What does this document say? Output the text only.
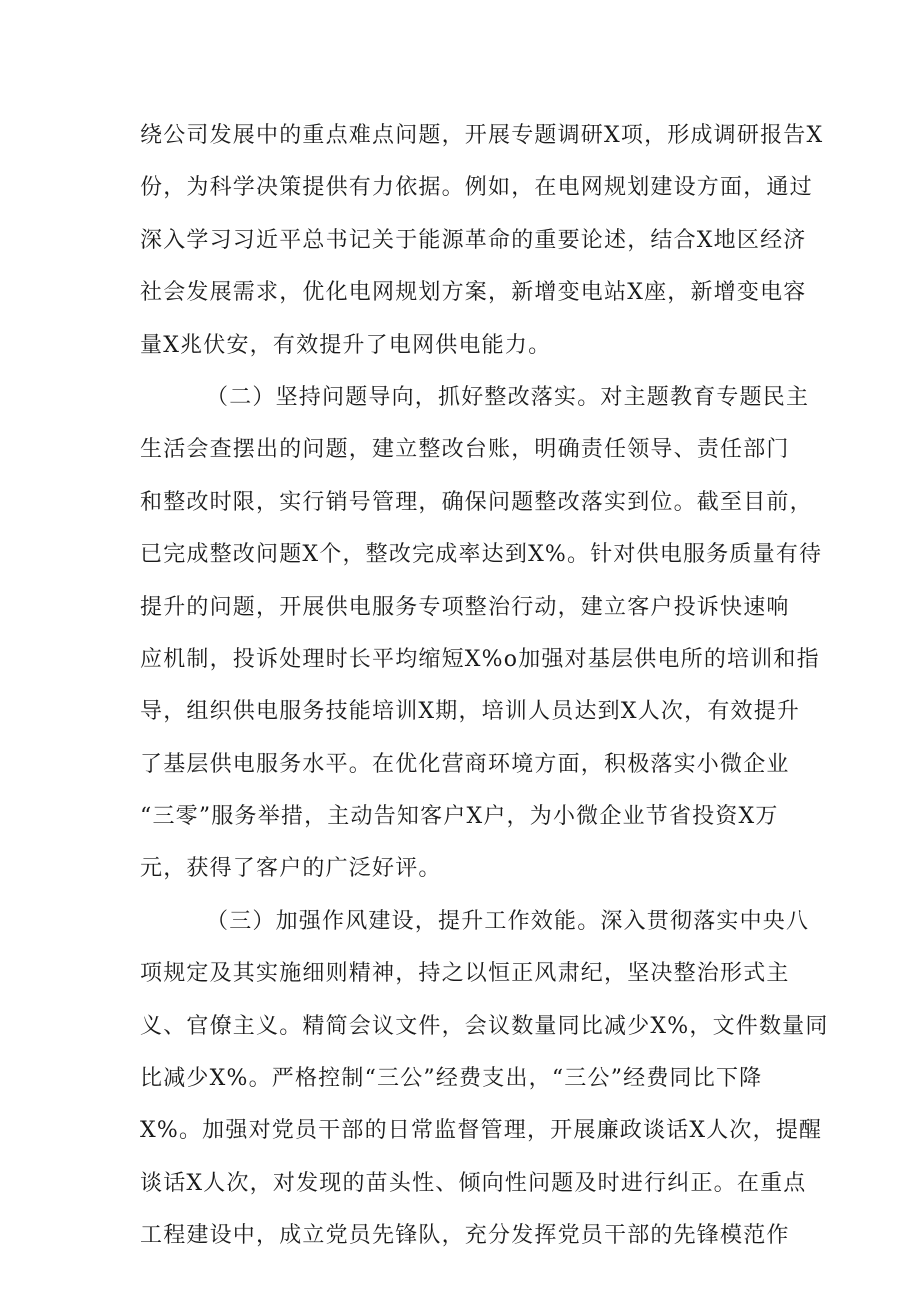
绕公司发展中的重点难点问题，开展专题调研X项，形成调研报告X
份，为科学决策提供有力依据。例如，在电网规划建设方面，通过
深入学习习近平总书记关于能源革命的重要论述，结合X地区经济
社会发展需求，优化电网规划方案，新增变电站X座，新增变电容
量X兆伏安，有效提升了电网供电能力。
（二）坚持问题导向，抓好整改落实。对主题教育专题民主
生活会查摆出的问题，建立整改台账，明确责任领导、责任部门
和整改时限，实行销号管理，确保问题整改落实到位。截至目前，
已完成整改问题X个，整改完成率达到X%。针对供电服务质量有待
提升的问题，开展供电服务专项整治行动，建立客户投诉快速响
应机制，投诉处理时长平均缩短X%o加强对基层供电所的培训和指
导，组织供电服务技能培训X期，培训人员达到X人次，有效提升
了基层供电服务水平。在优化营商环境方面，积极落实小微企业
“三零”服务举措，主动告知客户X户，为小微企业节省投资X万
元，获得了客户的广泛好评。
（三）加强作风建设，提升工作效能。深入贯彻落实中央八
项规定及其实施细则精神，持之以恒正风肃纪，坚决整治形式主
义、官僚主义。精简会议文件，会议数量同比减少X%，文件数量同
比减少X%。严格控制“三公”经费支出，“三公”经费同比下降
X%。加强对党员干部的日常监督管理，开展廉政谈话X人次，提醒
谈话X人次，对发现的苗头性、倾向性问题及时进行纠正。在重点
工程建设中，成立党员先锋队，充分发挥党员干部的先锋模范作
